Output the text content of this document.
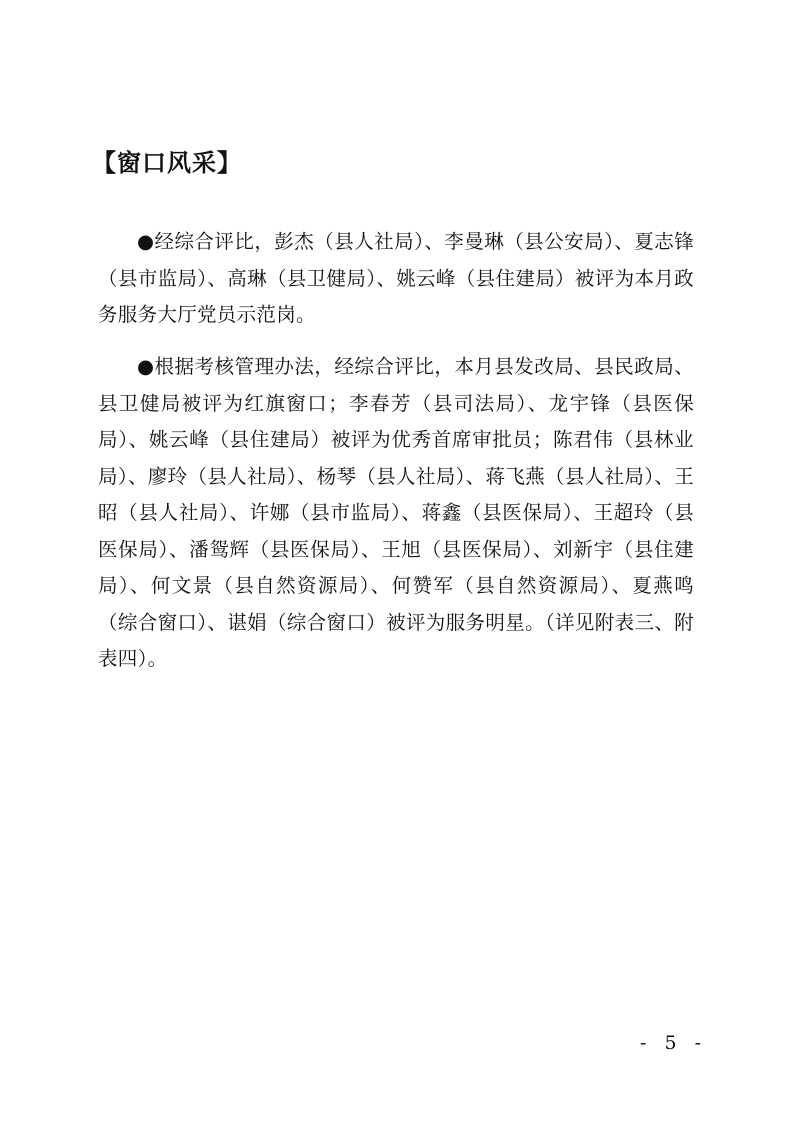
【窗口风采】

●经综合评比，彭杰（县人社局）、李曼琳（县公安局）、夏志锋（县市监局）、高琳（县卫健局）、姚云峰（县住建局）被评为本月政务服务大厅党员示范岗。

●根据考核管理办法，经综合评比，本月县发改局、县民政局、县卫健局被评为红旗窗口；李春芳（县司法局）、龙宇锋（县医保局）、姚云峰（县住建局）被评为优秀首席审批员；陈君伟（县林业局）、廖玲（县人社局）、杨琴（县人社局）、蒋飞燕（县人社局）、王昭（县人社局）、许娜（县市监局）、蒋鑫（县医保局）、王超玲（县医保局）、潘鸳辉（县医保局）、王旭（县医保局）、刘新宇（县住建局）、何文景（县自然资源局）、何赞军（县自然资源局）、夏燕鸣（综合窗口）、谌娟（综合窗口）被评为服务明星。（详见附表三、附表四）。

- 5 -
